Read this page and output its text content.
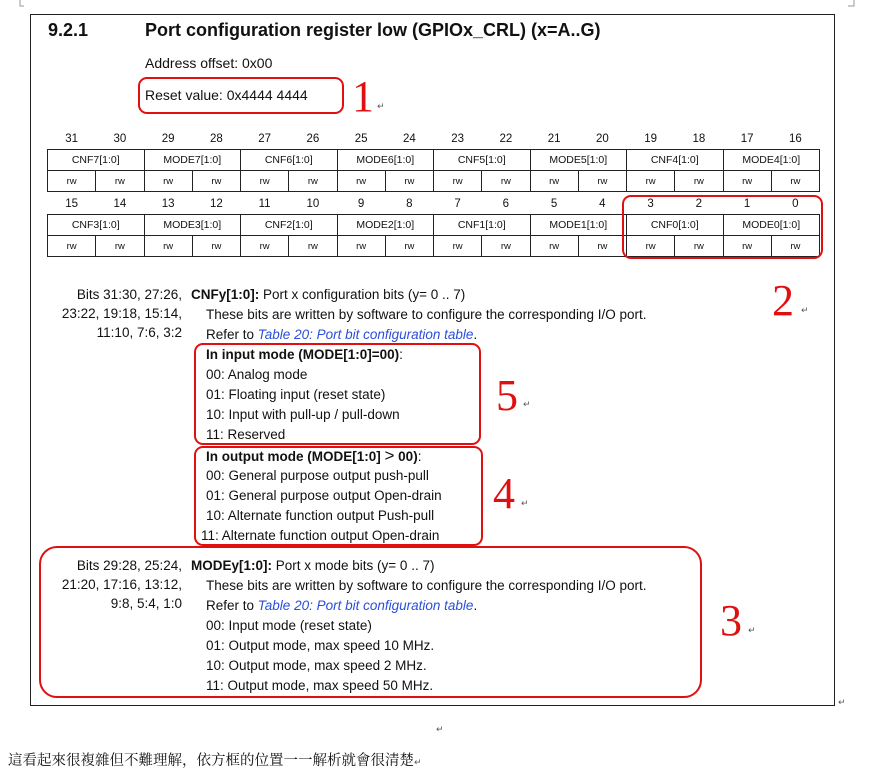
9.2.1	Port configuration register low (GPIOx_CRL) (x=A..G)
Address offset: 0x00
Reset value: 0x4444 4444 1 ↵
31	30	29	28	27	26	25	24	23	22	21	20	19	18	17	16
CNF7[1:0]		MODE7[1:0]		CNF6[1:0]		MODE6[1:0]		CNF5[1:0]		MODE5[1:0]		CNF4[1:0]		MODE4[1:0]	
rw	rw	rw	rw	rw	rw	rw	rw	rw	rw	rw	rw	rw	rw	rw	rw
15	14	13	12	11	10	9	8	7	6	5	4	3	2	1	0
CNF3[1:0]		MODE3[1:0]		CNF2[1:0]		MODE2[1:0]		CNF1[1:0]		MODE1[1:0]		CNF0[1:0]		MODE0[1:0]	
rw	rw	rw	rw	rw	rw	rw	rw	rw	rw	rw	rw	rw	rw	rw	rw
2 ↵
Bits 31:30, 27:26,
23:22, 19:18, 15:14,
11:10, 7:6, 3:2
CNFy[1:0]: Port x configuration bits (y= 0 .. 7)
These bits are written by software to configure the corresponding I/O port.
Refer to Table 20: Port bit configuration table.
In input mode (MODE[1:0]=00):
00: Analog mode
01: Floating input (reset state)
10: Input with pull-up / pull-down
11: Reserved
5 ↵
In output mode (MODE[1:0] > 00):
00: General purpose output push-pull
01: General purpose output Open-drain
10: Alternate function output Push-pull
11: Alternate function output Open-drain
4 ↵
Bits 29:28, 25:24,
21:20, 17:16, 13:12,
9:8, 5:4, 1:0
MODEy[1:0]: Port x mode bits (y= 0 .. 7)
These bits are written by software to configure the corresponding I/O port.
Refer to Table 20: Port bit configuration table.
00: Input mode (reset state)
01: Output mode, max speed 10 MHz.
10: Output mode, max speed 2 MHz.
11: Output mode, max speed 50 MHz.
3 ↵
↵
↵
這看起來很複雜但不難理解，依方框的位置一一解析就會很清楚↵
